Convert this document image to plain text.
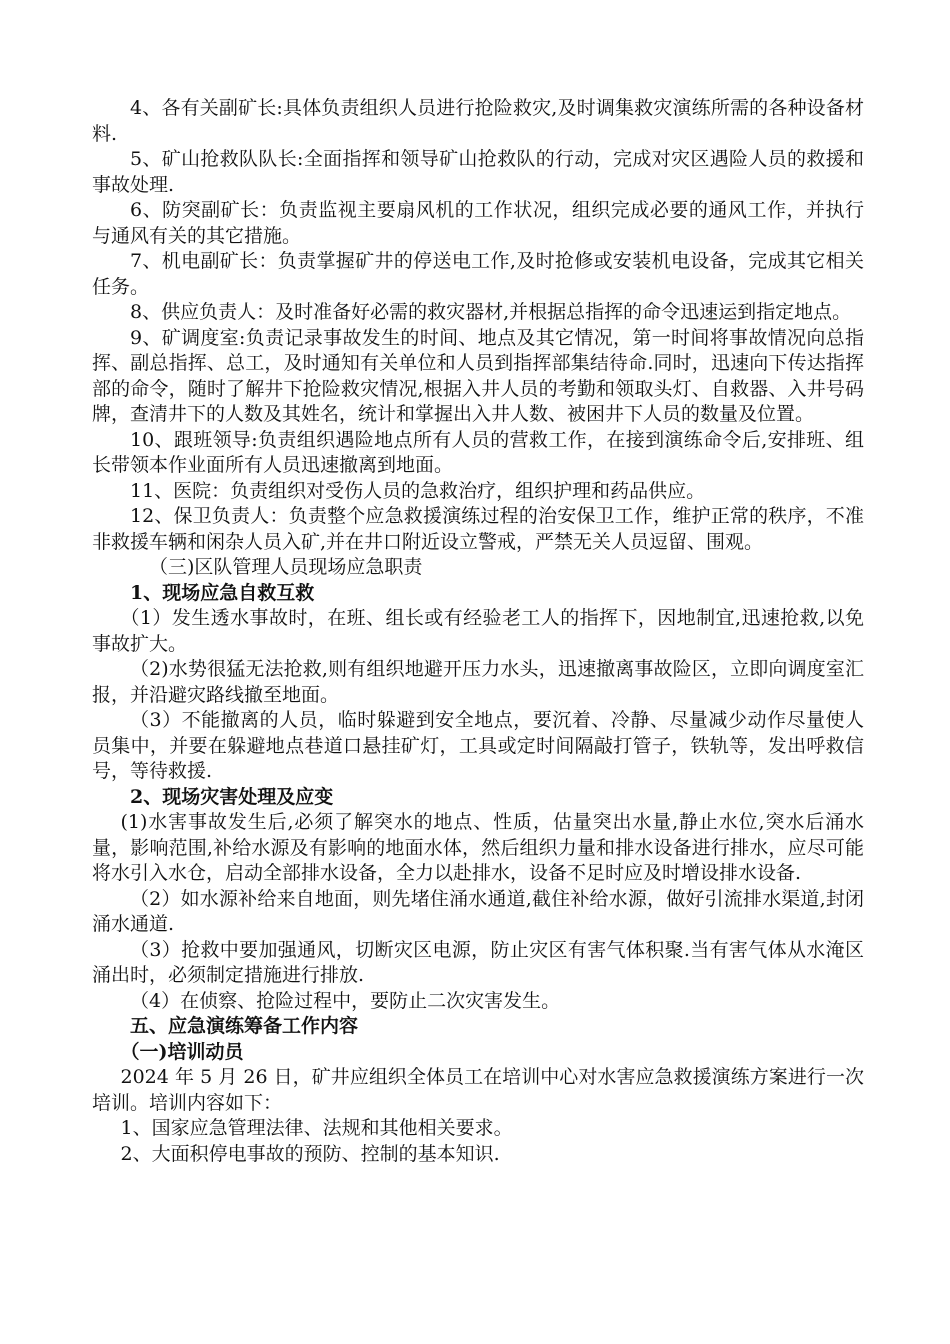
4、各有关副矿长:具体负责组织人员进行抢险救灾,及时调集救灾演练所需的各种设备材料.

5、矿山抢救队队长:全面指挥和领导矿山抢救队的行动，完成对灾区遇险人员的救援和事故处理.

6、防突副矿长：负责监视主要扇风机的工作状况，组织完成必要的通风工作，并执行与通风有关的其它措施。

7、机电副矿长：负责掌握矿井的停送电工作,及时抢修或安装机电设备，完成其它相关任务。

8、供应负责人：及时准备好必需的救灾器材,并根据总指挥的命令迅速运到指定地点。

9、矿调度室:负责记录事故发生的时间、地点及其它情况，第一时间将事故情况向总指挥、副总指挥、总工，及时通知有关单位和人员到指挥部集结待命.同时，迅速向下传达指挥部的命令，随时了解井下抢险救灾情况,根据入井人员的考勤和领取头灯、自救器、入井号码牌，查清井下的人数及其姓名，统计和掌握出入井人数、被困井下人员的数量及位置。

10、跟班领导:负责组织遇险地点所有人员的营救工作，在接到演练命令后,安排班、组长带领本作业面所有人员迅速撤离到地面。

11、医院：负责组织对受伤人员的急救治疗，组织护理和药品供应。

12、保卫负责人：负责整个应急救援演练过程的治安保卫工作，维护正常的秩序，不准非救援车辆和闲杂人员入矿,并在井口附近设立警戒，严禁无关人员逗留、围观。

（三)区队管理人员现场应急职责

1、现场应急自救互救

（1）发生透水事故时，在班、组长或有经验老工人的指挥下，因地制宜,迅速抢救,以免事故扩大。

（2)水势很猛无法抢救,则有组织地避开压力水头，迅速撤离事故险区，立即向调度室汇报，并沿避灾路线撤至地面。

（3）不能撤离的人员，临时躲避到安全地点，要沉着、冷静、尽量减少动作尽量使人员集中，并要在躲避地点巷道口悬挂矿灯，工具或定时间隔敲打管子，铁轨等，发出呼救信号，等待救援.

2、现场灾害处理及应变

(1)水害事故发生后,必须了解突水的地点、性质，估量突出水量,静止水位,突水后涌水量，影响范围,补给水源及有影响的地面水体，然后组织力量和排水设备进行排水，应尽可能将水引入水仓，启动全部排水设备，全力以赴排水，设备不足时应及时增设排水设备.

（2）如水源补给来自地面，则先堵住涌水通道,截住补给水源，做好引流排水渠道,封闭涌水通道.

（3）抢救中要加强通风，切断灾区电源，防止灾区有害气体积聚.当有害气体从水淹区涌出时，必须制定措施进行排放.

（4）在侦察、抢险过程中，要防止二次灾害发生。

五、应急演练筹备工作内容

（一)培训动员

2024 年 5 月 26 日，矿井应组织全体员工在培训中心对水害应急救援演练方案进行一次培训。培训内容如下：

1、国家应急管理法律、法规和其他相关要求。

2、大面积停电事故的预防、控制的基本知识.
